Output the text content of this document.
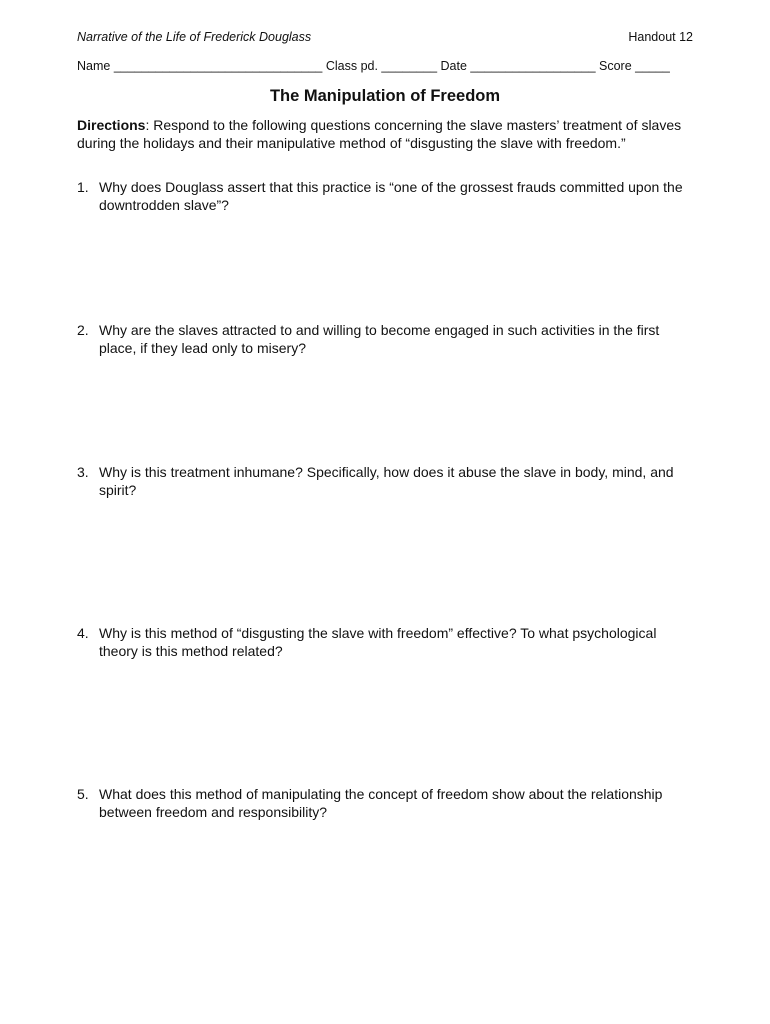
Narrative of the Life of Frederick Douglass	Handout 12
Name ______________________________ Class pd. ________ Date __________________ Score _____
The Manipulation of Freedom
Directions: Respond to the following questions concerning the slave masters’ treatment of slaves during the holidays and their manipulative method of “disgusting the slave with freedom.”
1. Why does Douglass assert that this practice is “one of the grossest frauds committed upon the downtrodden slave”?
2. Why are the slaves attracted to and willing to become engaged in such activities in the first place, if they lead only to misery?
3. Why is this treatment inhumane? Specifically, how does it abuse the slave in body, mind, and spirit?
4. Why is this method of “disgusting the slave with freedom” effective? To what psychological theory is this method related?
5. What does this method of manipulating the concept of freedom show about the relationship between freedom and responsibility?
